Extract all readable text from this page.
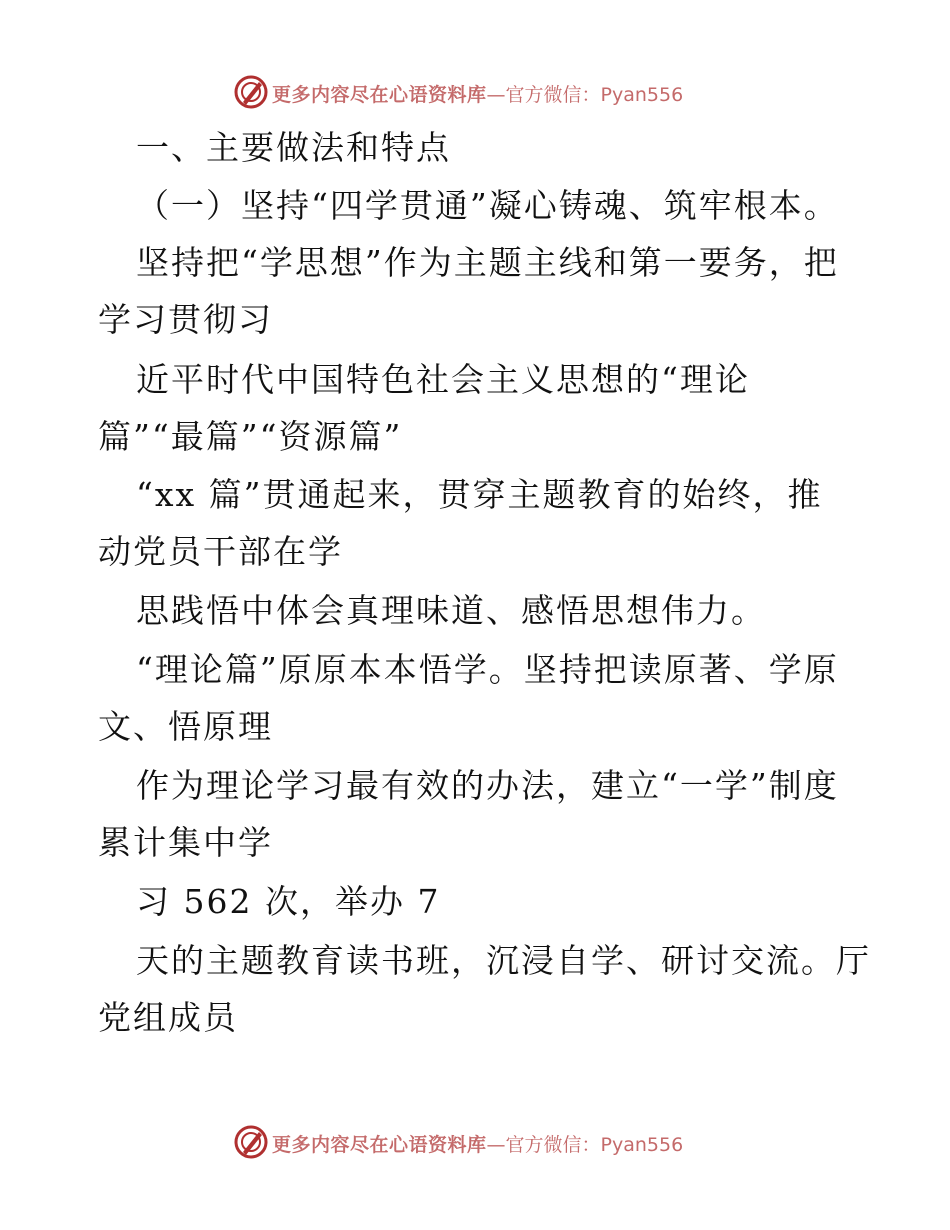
更多内容尽在心语资料库—官方微信：Pyan556
一、主要做法和特点
（一）坚持“四学贯通”凝心铸魂、筑牢根本。
坚持把“学思想”作为主题主线和第一要务，把
学习贯彻习
近平时代中国特色社会主义思想的“理论
篇”“最篇”“资源篇”
“xx 篇”贯通起来，贯穿主题教育的始终，推
动党员干部在学
思践悟中体会真理味道、感悟思想伟力。
“理论篇”原原本本悟学。坚持把读原著、学原
文、悟原理
作为理论学习最有效的办法，建立“一学”制度
累计集中学
习 562 次，举办 7
天的主题教育读书班，沉浸自学、研讨交流。厅
党组成员
更多内容尽在心语资料库—官方微信：Pyan556
